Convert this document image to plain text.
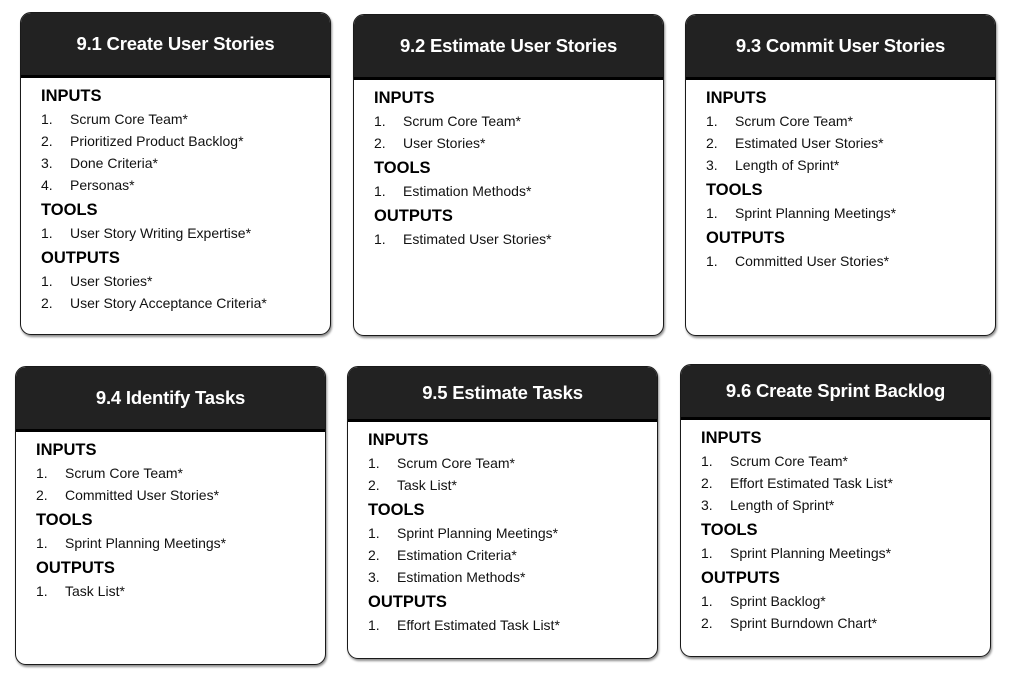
9.1 Create User Stories
INPUTS
1.	Scrum Core Team*
2.	Prioritized Product Backlog*
3.	Done Criteria*
4.	Personas*
TOOLS
1.	User Story Writing Expertise*
OUTPUTS
1.	User Stories*
2.	User Story Acceptance Criteria*
9.2 Estimate User Stories
INPUTS
1.	Scrum Core Team*
2.	User Stories*
TOOLS
1.	Estimation Methods*
OUTPUTS
1.	Estimated User Stories*
9.3 Commit User Stories
INPUTS
1.	Scrum Core Team*
2.	Estimated User Stories*
3.	Length of Sprint*
TOOLS
1.	Sprint Planning Meetings*
OUTPUTS
1.	Committed User Stories*
9.4 Identify Tasks
INPUTS
1.	Scrum Core Team*
2.	Committed User Stories*
TOOLS
1.	Sprint Planning Meetings*
OUTPUTS
1.	Task List*
9.5 Estimate Tasks
INPUTS
1.	Scrum Core Team*
2.	Task List*
TOOLS
1.	Sprint Planning Meetings*
2.	Estimation Criteria*
3.	Estimation Methods*
OUTPUTS
1.	Effort Estimated Task List*
9.6 Create Sprint Backlog
INPUTS
1.	Scrum Core Team*
2.	Effort Estimated Task List*
3.	Length of Sprint*
TOOLS
1.	Sprint Planning Meetings*
OUTPUTS
1.	Sprint Backlog*
2.	Sprint Burndown Chart*
